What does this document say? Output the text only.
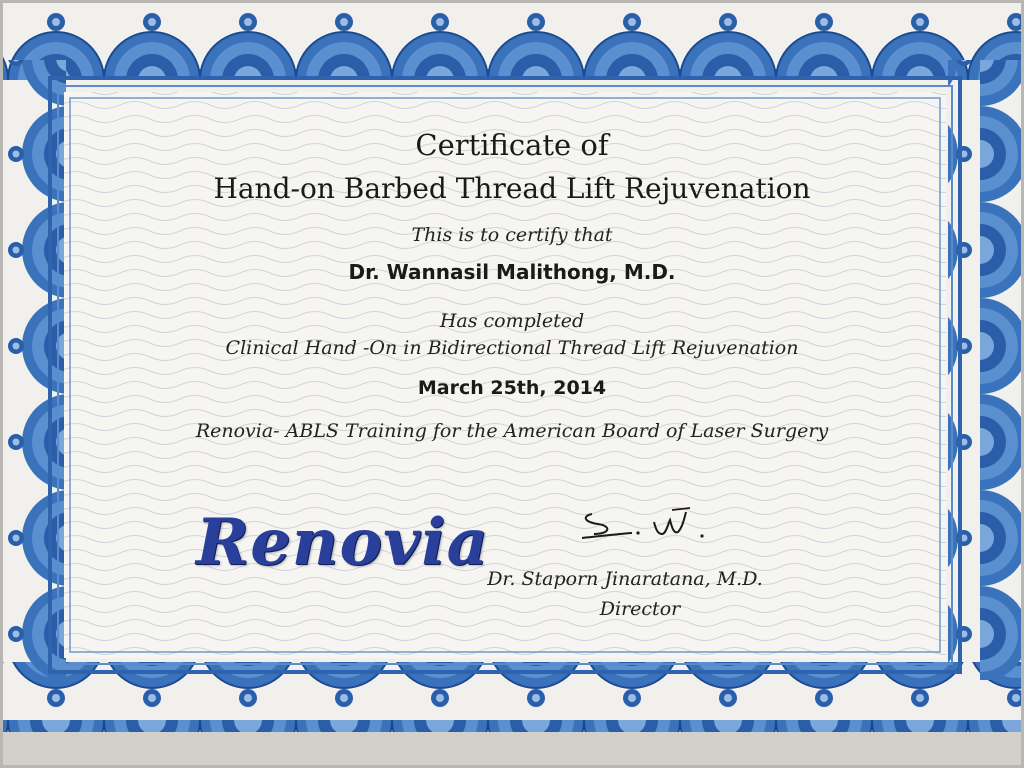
Certificate of
Hand-on Barbed Thread Lift Rejuvenation
This is to certify that
Dr. Wannasil Malithong, M.D.
Has completed
Clinical Hand -On in Bidirectional Thread Lift Rejuvenation
March 25th, 2014
Renovia- ABLS Training for the American Board of Laser Surgery
Renovia
Dr. Staporn Jinaratana, M.D.
Director
